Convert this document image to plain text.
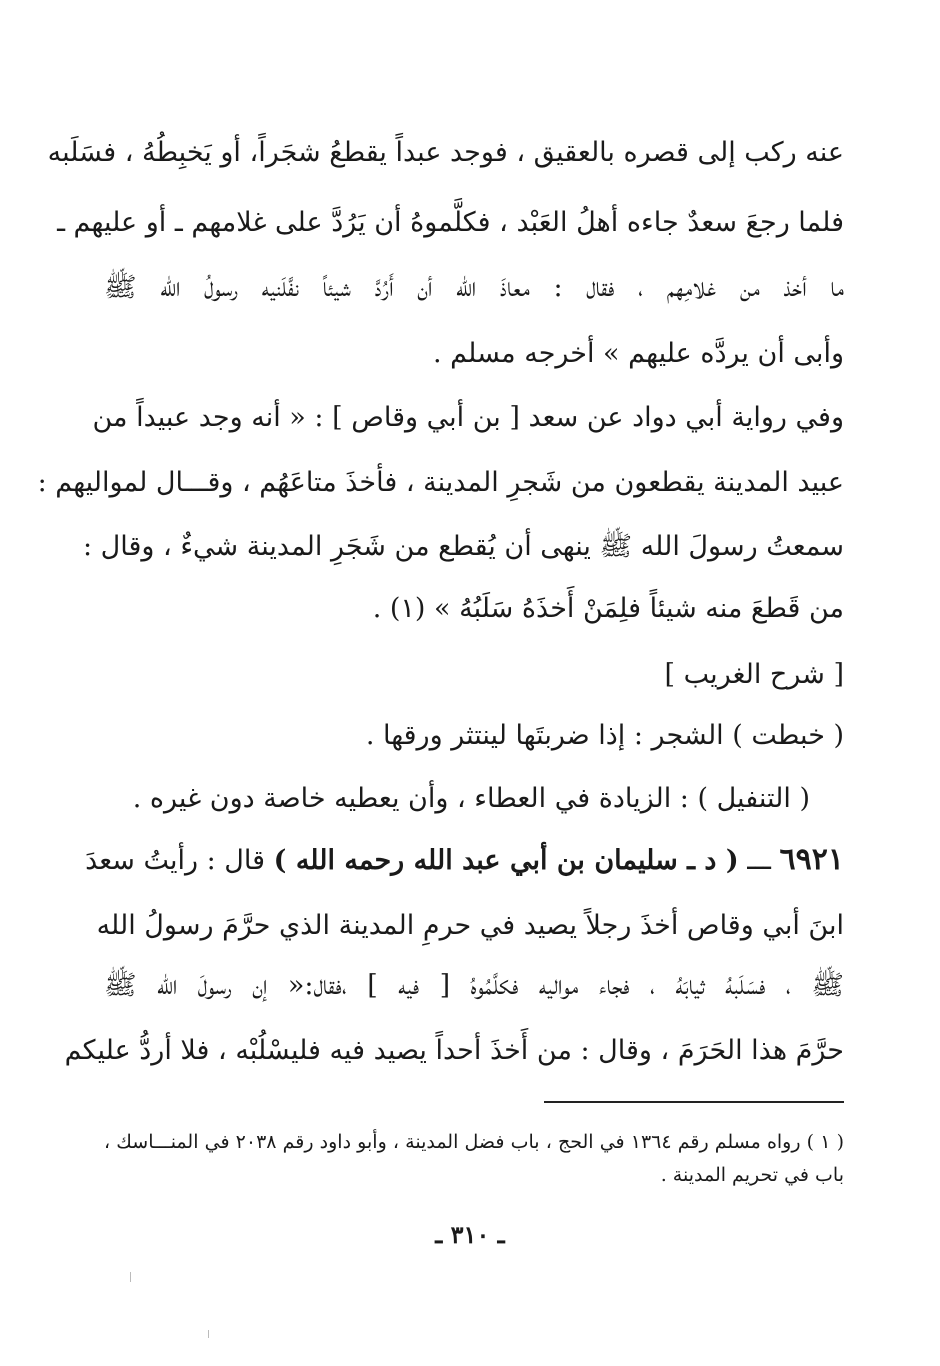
عنه ركب إلى قصره بالعقيق ، فوجد عبداً يقطعُ شجَراً، أو يَخبِطُهُ ، فسَلَبه
فلما رجعَ سعدٌ جاءه أهلُ العَبْد ، فكلَّموهُ أن يَرُدَّ على غلامهم ـ أو عليهم ـ
ما أخذ من غلامِهم ، فقال : معاذَ الله أن أَرُدَّ شيئاً نفَّلَنيه رسولُ الله ﷺ
وأبى أن يردَّه عليهم » أخرجه مسلم .
وفي رواية أبي دواد عن سعد [ بن أبي وقاص ] : « أنه وجد عبيداً من
عبيد المدينة يقطعون من شَجرِ المدينة ، فأخذَ متاعَهُم ، وقـــال لمواليهم :
سمعتُ رسولَ الله ﷺ ينهى أن يُقطع من شَجَرِ المدينة شيءٌ ، وقال :
من قَطعَ منه شيئاً فلِمَنْ أَخذَهُ سَلَبُهُ » (١) .
[ شرح الغريب ]
( خبطت ) الشجر : إذا ضربتَها لينتثر ورقها .
( التنفيل ) : الزيادة في العطاء ، وأن يعطيه خاصة دون غيره .
٦٩٢١ ـــ ( د ـ سليمان بن أبي عبد الله رحمه الله ) قال : رأيتُ سعدَ
ابنَ أبي وقاص أخذَ رجلاً يصيد في حرمِ المدينة الذي حرَّمَ رسولُ الله
ﷺ ، فسَلَبهُ ثيابَهُ ، فجاء مواليه فكلَّمُوهُ [ فيه ] ،فقال:« إن رسولَ الله ﷺ
حرَّمَ هذا الحَرَمَ ، وقال : من أَخذَ أحداً يصيد فيه فليسْلُبْه ، فلا أردُّ عليكم
( ١ ) رواه مسلم رقم ١٣٦٤ في الحج ، باب فضل المدينة ، وأبو داود رقم ٢٠٣٨ في المنـــاسك ،
باب في تحريم المدينة .
ـ ٣١٠ ـ
